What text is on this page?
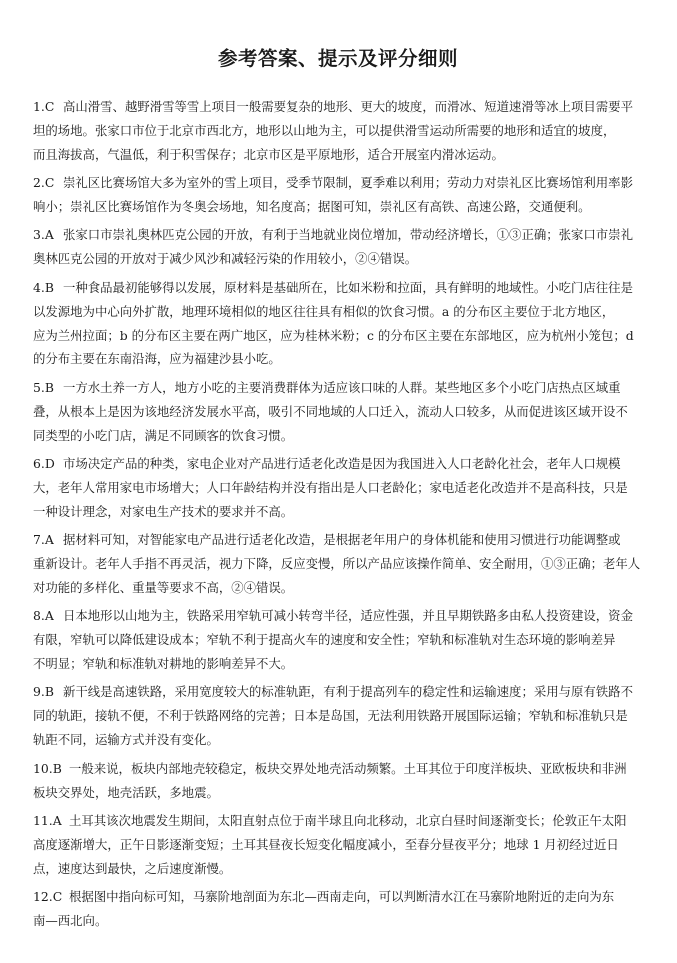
参考答案、提示及评分细则
1.C 高山滑雪、越野滑雪等雪上项目一般需要复杂的地形、更大的坡度，而滑冰、短道速滑等冰上项目需要平
坦的场地。张家口市位于北京市西北方，地形以山地为主，可以提供滑雪运动所需要的地形和适宜的坡度，
而且海拔高，气温低，利于积雪保存；北京市区是平原地形，适合开展室内滑冰运动。
2.C 崇礼区比赛场馆大多为室外的雪上项目，受季节限制，夏季难以利用；劳动力对崇礼区比赛场馆利用率影
响小；崇礼区比赛场馆作为冬奥会场地，知名度高；据图可知，崇礼区有高铁、高速公路，交通便利。
3.A 张家口市崇礼奥林匹克公园的开放，有利于当地就业岗位增加，带动经济增长，①③正确；张家口市崇礼
奥林匹克公园的开放对于减少风沙和减轻污染的作用较小，②④错误。
4.B 一种食品最初能够得以发展，原材料是基础所在，比如米粉和拉面，具有鲜明的地域性。小吃门店往往是
以发源地为中心向外扩散，地理环境相似的地区往往具有相似的饮食习惯。a 的分布区主要位于北方地区，
应为兰州拉面；b 的分布区主要在两广地区，应为桂林米粉；c 的分布区主要在东部地区，应为杭州小笼包；d
的分布主要在东南沿海，应为福建沙县小吃。
5.B 一方水土养一方人，地方小吃的主要消费群体为适应该口味的人群。某些地区多个小吃门店热点区域重
叠，从根本上是因为该地经济发展水平高，吸引不同地域的人口迁入，流动人口较多，从而促进该区域开设不
同类型的小吃门店，满足不同顾客的饮食习惯。
6.D 市场决定产品的种类，家电企业对产品进行适老化改造是因为我国进入人口老龄化社会，老年人口规模
大，老年人常用家电市场增大；人口年龄结构并没有指出是人口老龄化；家电适老化改造并不是高科技，只是
一种设计理念，对家电生产技术的要求并不高。
7.A 据材料可知，对智能家电产品进行适老化改造，是根据老年用户的身体机能和使用习惯进行功能调整或
重新设计。老年人手指不再灵活，视力下降，反应变慢，所以产品应该操作简单、安全耐用，①③正确；老年人
对功能的多样化、重量等要求不高，②④错误。
8.A 日本地形以山地为主，铁路采用窄轨可减小转弯半径，适应性强，并且早期铁路多由私人投资建设，资金
有限，窄轨可以降低建设成本；窄轨不利于提高火车的速度和安全性；窄轨和标准轨对生态环境的影响差异
不明显；窄轨和标准轨对耕地的影响差异不大。
9.B 新干线是高速铁路，采用宽度较大的标准轨距，有利于提高列车的稳定性和运输速度；采用与原有铁路不
同的轨距，接轨不便，不利于铁路网络的完善；日本是岛国，无法利用铁路开展国际运输；窄轨和标准轨只是
轨距不同，运输方式并没有变化。
10.B 一般来说，板块内部地壳较稳定，板块交界处地壳活动频繁。土耳其位于印度洋板块、亚欧板块和非洲
板块交界处，地壳活跃，多地震。
11.A 土耳其该次地震发生期间，太阳直射点位于南半球且向北移动，北京白昼时间逐渐变长；伦敦正午太阳
高度逐渐增大，正午日影逐渐变短；土耳其昼夜长短变化幅度减小，至春分昼夜平分；地球 1 月初经过近日
点，速度达到最快，之后速度渐慢。
12.C 根据图中指向标可知，马寨阶地剖面为东北—西南走向，可以判断清水江在马寨阶地附近的走向为东
南—西北向。
